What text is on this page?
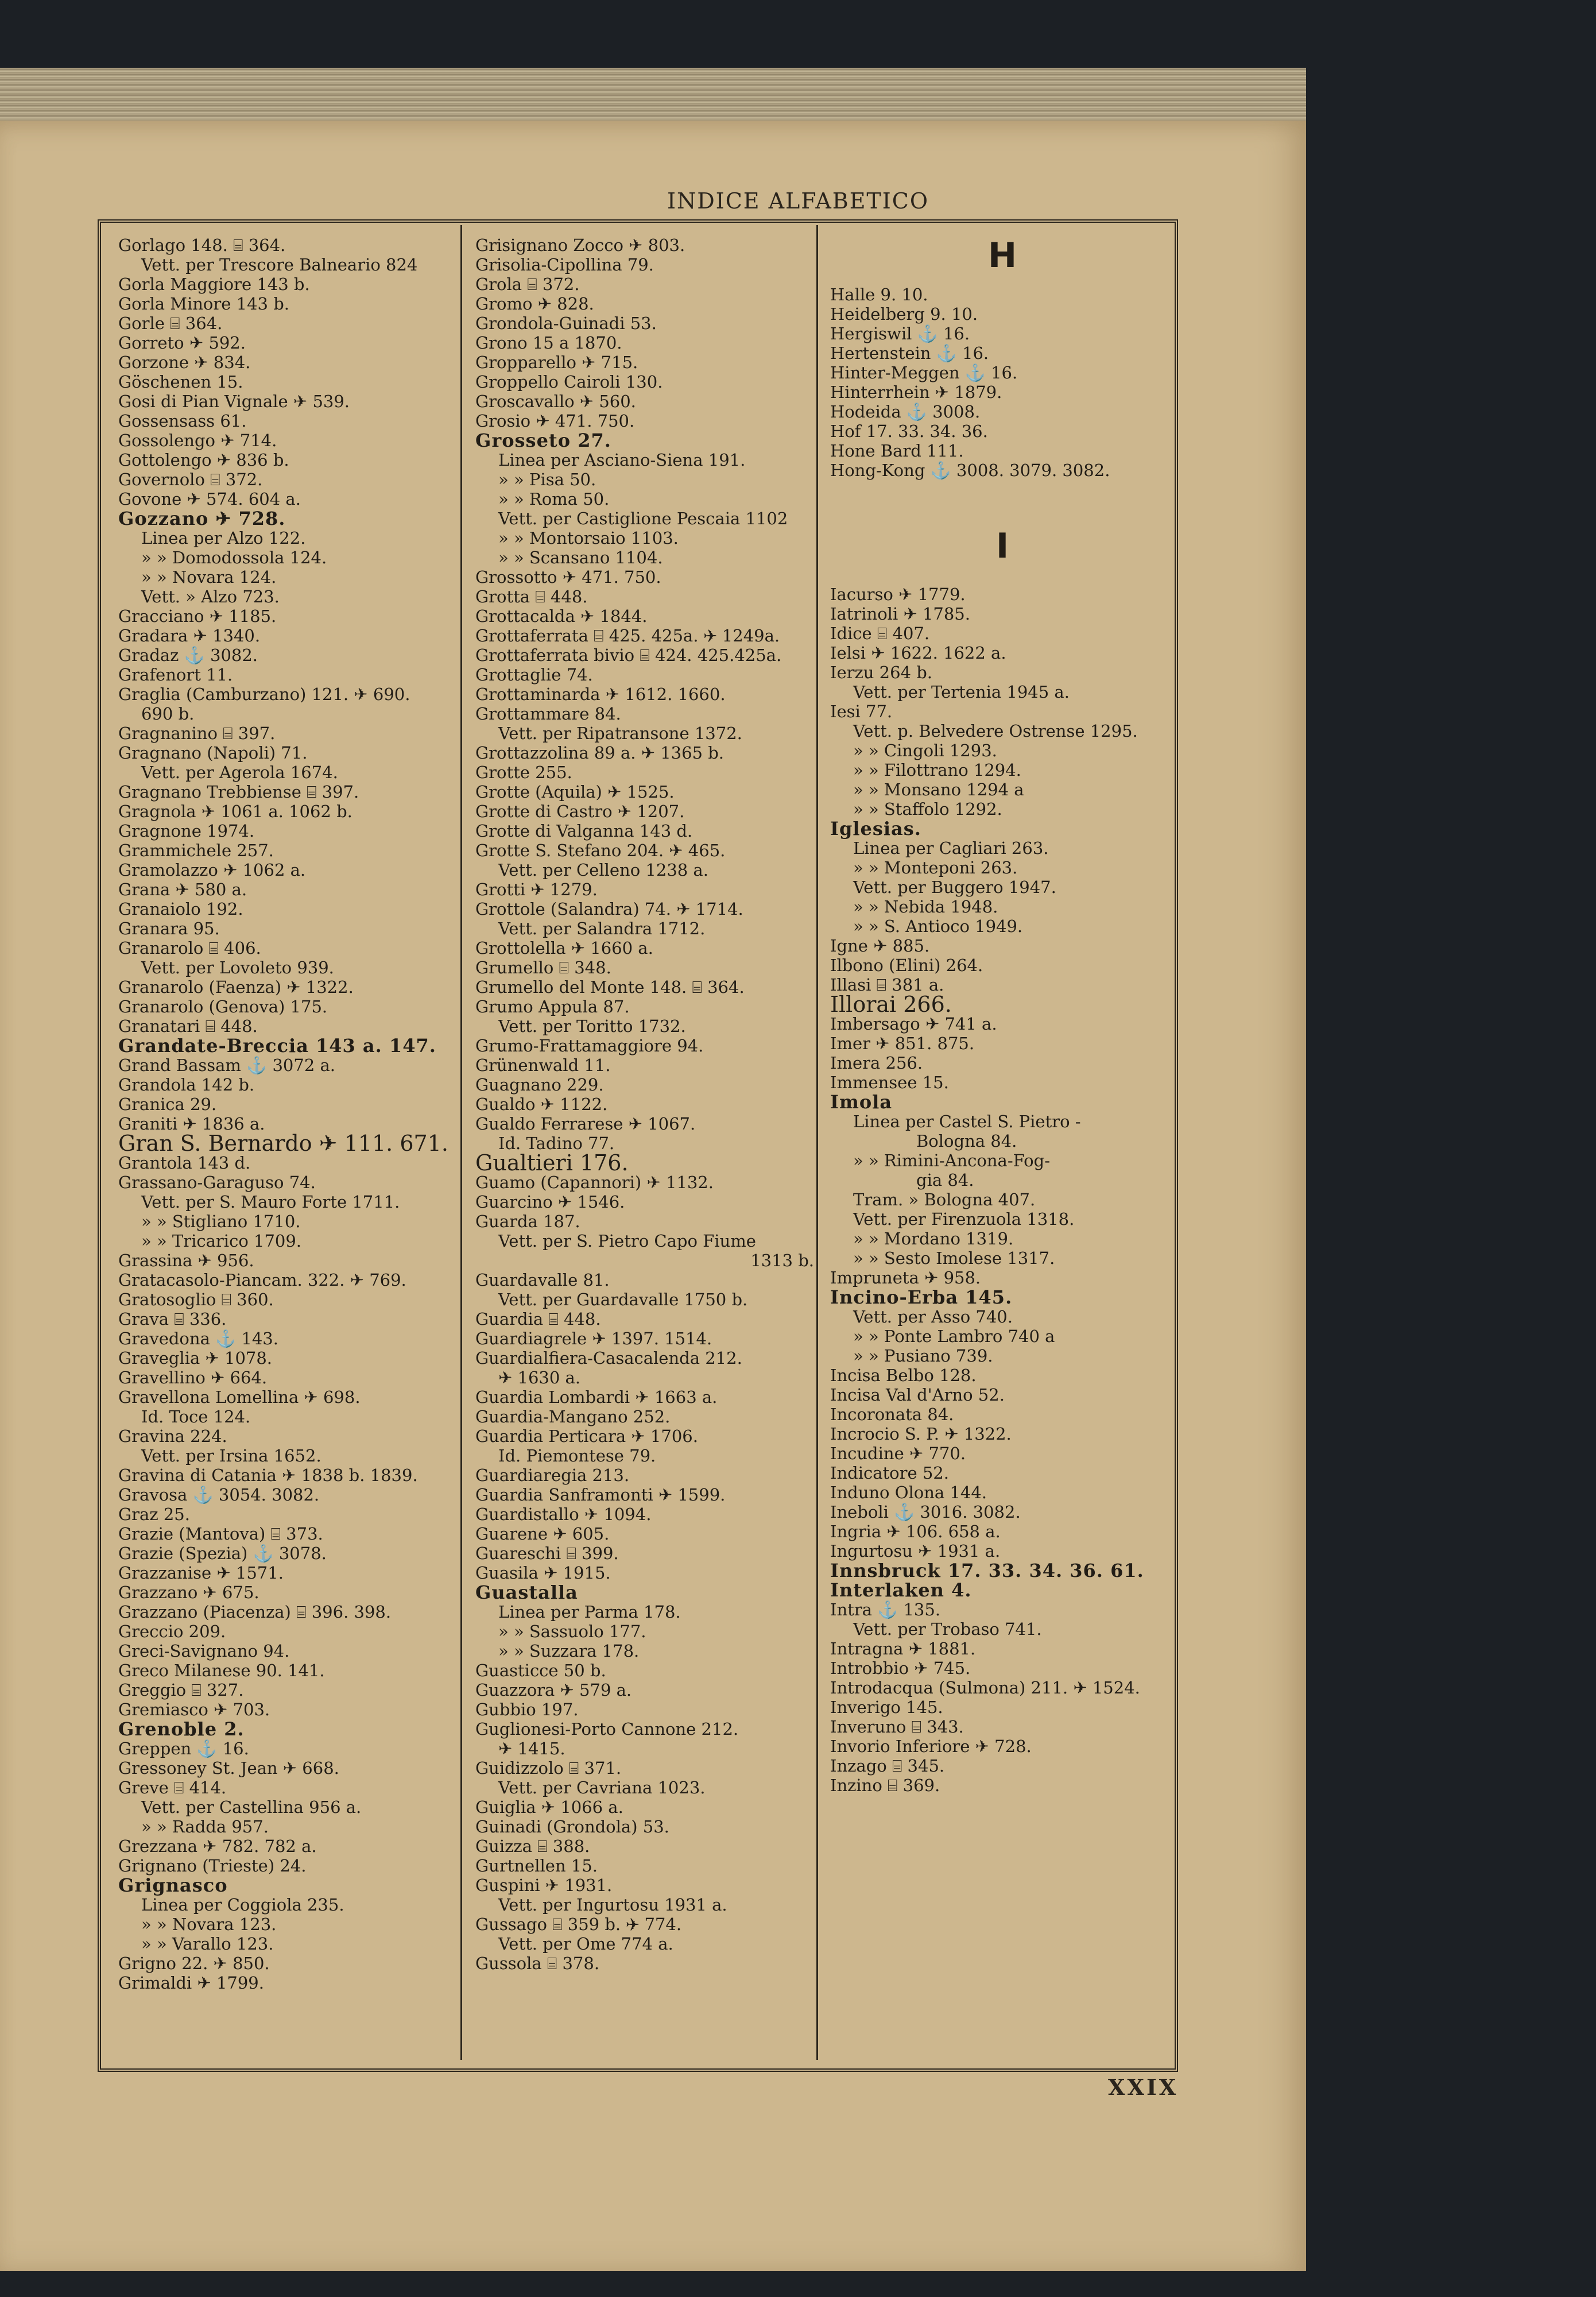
INDICE ALFABETICO
Gorlago 148. ⌸ 364.
Vett. per Trescore Balneario 824
Gorla Maggiore 143 b.
Gorla Minore 143 b.
Gorle ⌸ 364.
Gorreto ✈ 592.
Gorzone ✈ 834.
Göschenen 15.
Gosi di Pian Vignale ✈ 539.
Gossensass 61.
Gossolengo ✈ 714.
Gottolengo ✈ 836 b.
Governolo ⌸ 372.
Govone ✈ 574. 604 a.
Gozzano ✈ 728.
Linea per Alzo 122.
» » Domodossola 124.
» » Novara 124.
Vett. » Alzo 723.
Gracciano ✈ 1185.
Gradara ✈ 1340.
Gradaz ⚓ 3082.
Grafenort 11.
Graglia (Camburzano) 121. ✈ 690.
690 b.
Gragnanino ⌸ 397.
Gragnano (Napoli) 71.
Vett. per Agerola 1674.
Gragnano Trebbiense ⌸ 397.
Gragnola ✈ 1061 a. 1062 b.
Gragnone 1974.
Grammichele 257.
Gramolazzo ✈ 1062 a.
Grana ✈ 580 a.
Granaiolo 192.
Granara 95.
Granarolo ⌸ 406.
Vett. per Lovoleto 939.
Granarolo (Faenza) ✈ 1322.
Granarolo (Genova) 175.
Granatari ⌸ 448.
Grandate-Breccia 143 a. 147.
Grand Bassam ⚓ 3072 a.
Grandola 142 b.
Granica 29.
Graniti ✈ 1836 a.
Gran S. Bernardo ✈ 111. 671.
Grantola 143 d.
Grassano-Garaguso 74.
Vett. per S. Mauro Forte 1711.
» » Stigliano 1710.
» » Tricarico 1709.
Grassina ✈ 956.
Gratacasolo-Piancam. 322. ✈ 769.
Gratosoglio ⌸ 360.
Grava ⌸ 336.
Gravedona ⚓ 143.
Graveglia ✈ 1078.
Gravellino ✈ 664.
Gravellona Lomellina ✈ 698.
Id. Toce 124.
Gravina 224.
Vett. per Irsina 1652.
Gravina di Catania ✈ 1838 b. 1839.
Gravosa ⚓ 3054. 3082.
Graz 25.
Grazie (Mantova) ⌸ 373.
Grazie (Spezia) ⚓ 3078.
Grazzanise ✈ 1571.
Grazzano ✈ 675.
Grazzano (Piacenza) ⌸ 396. 398.
Greccio 209.
Greci-Savignano 94.
Greco Milanese 90. 141.
Greggio ⌸ 327.
Gremiasco ✈ 703.
Grenoble 2.
Greppen ⚓ 16.
Gressoney St. Jean ✈ 668.
Greve ⌸ 414.
Vett. per Castellina 956 a.
» » Radda 957.
Grezzana ✈ 782. 782 a.
Grignano (Trieste) 24.
Grignasco
Linea per Coggiola 235.
» » Novara 123.
» » Varallo 123.
Grigno 22. ✈ 850.
Grimaldi ✈ 1799.
Grisignano Zocco ✈ 803.
Grisolia-Cipollina 79.
Grola ⌸ 372.
Gromo ✈ 828.
Grondola-Guinadi 53.
Grono 15 a 1870.
Gropparello ✈ 715.
Groppello Cairoli 130.
Groscavallo ✈ 560.
Grosio ✈ 471. 750.
Grosseto 27.
Linea per Asciano-Siena 191.
» » Pisa 50.
» » Roma 50.
Vett. per Castiglione Pescaia 1102
» » Montorsaio 1103.
» » Scansano 1104.
Grossotto ✈ 471. 750.
Grotta ⌸ 448.
Grottacalda ✈ 1844.
Grottaferrata ⌸ 425. 425a. ✈ 1249a.
Grottaferrata bivio ⌸ 424. 425.425a.
Grottaglie 74.
Grottaminarda ✈ 1612. 1660.
Grottammare 84.
Vett. per Ripatransone 1372.
Grottazzolina 89 a. ✈ 1365 b.
Grotte 255.
Grotte (Aquila) ✈ 1525.
Grotte di Castro ✈ 1207.
Grotte di Valganna 143 d.
Grotte S. Stefano 204. ✈ 465.
Vett. per Celleno 1238 a.
Grotti ✈ 1279.
Grottole (Salandra) 74. ✈ 1714.
Vett. per Salandra 1712.
Grottolella ✈ 1660 a.
Grumello ⌸ 348.
Grumello del Monte 148. ⌸ 364.
Grumo Appula 87.
Vett. per Toritto 1732.
Grumo-Frattamaggiore 94.
Grünenwald 11.
Guagnano 229.
Gualdo ✈ 1122.
Gualdo Ferrarese ✈ 1067.
Id. Tadino 77.
Gualtieri 176.
Guamo (Capannori) ✈ 1132.
Guarcino ✈ 1546.
Guarda 187.
Vett. per S. Pietro Capo Fiume
1313 b.
Guardavalle 81.
Vett. per Guardavalle 1750 b.
Guardia ⌸ 448.
Guardiagrele ✈ 1397. 1514.
Guardialfiera-Casacalenda 212.
✈ 1630 a.
Guardia Lombardi ✈ 1663 a.
Guardia-Mangano 252.
Guardia Perticara ✈ 1706.
Id. Piemontese 79.
Guardiaregia 213.
Guardia Sanframonti ✈ 1599.
Guardistallo ✈ 1094.
Guarene ✈ 605.
Guareschi ⌸ 399.
Guasila ✈ 1915.
Guastalla
Linea per Parma 178.
» » Sassuolo 177.
» » Suzzara 178.
Guasticce 50 b.
Guazzora ✈ 579 a.
Gubbio 197.
Guglionesi-Porto Cannone 212.
✈ 1415.
Guidizzolo ⌸ 371.
Vett. per Cavriana 1023.
Guiglia ✈ 1066 a.
Guinadi (Grondola) 53.
Guizza ⌸ 388.
Gurtnellen 15.
Guspini ✈ 1931.
Vett. per Ingurtosu 1931 a.
Gussago ⌸ 359 b. ✈ 774.
Vett. per Ome 774 a.
Gussola ⌸ 378.
H
Halle 9. 10.
Heidelberg 9. 10.
Hergiswil ⚓ 16.
Hertenstein ⚓ 16.
Hinter-Meggen ⚓ 16.
Hinterrhein ✈ 1879.
Hodeida ⚓ 3008.
Hof 17. 33. 34. 36.
Hone Bard 111.
Hong-Kong ⚓ 3008. 3079. 3082.
I
Iacurso ✈ 1779.
Iatrinoli ✈ 1785.
Idice ⌸ 407.
Ielsi ✈ 1622. 1622 a.
Ierzu 264 b.
Vett. per Tertenia 1945 a.
Iesi 77.
Vett. p. Belvedere Ostrense 1295.
» » Cingoli 1293.
» » Filottrano 1294.
» » Monsano 1294 a
» » Staffolo 1292.
Iglesias.
Linea per Cagliari 263.
» » Monteponi 263.
Vett. per Buggero 1947.
» » Nebida 1948.
» » S. Antioco 1949.
Igne ✈ 885.
Ilbono (Elini) 264.
Illasi ⌸ 381 a.
Illorai 266.
Imbersago ✈ 741 a.
Imer ✈ 851. 875.
Imera 256.
Immensee 15.
Imola
Linea per Castel S. Pietro -
Bologna 84.
» » Rimini-Ancona-Fog-
gia 84.
Tram. » Bologna 407.
Vett. per Firenzuola 1318.
» » Mordano 1319.
» » Sesto Imolese 1317.
Impruneta ✈ 958.
Incino-Erba 145.
Vett. per Asso 740.
» » Ponte Lambro 740 a
» » Pusiano 739.
Incisa Belbo 128.
Incisa Val d'Arno 52.
Incoronata 84.
Incrocio S. P. ✈ 1322.
Incudine ✈ 770.
Indicatore 52.
Induno Olona 144.
Ineboli ⚓ 3016. 3082.
Ingria ✈ 106. 658 a.
Ingurtosu ✈ 1931 a.
Innsbruck 17. 33. 34. 36. 61.
Interlaken 4.
Intra ⚓ 135.
Vett. per Trobaso 741.
Intragna ✈ 1881.
Introbbio ✈ 745.
Introdacqua (Sulmona) 211. ✈ 1524.
Inverigo 145.
Inveruno ⌸ 343.
Invorio Inferiore ✈ 728.
Inzago ⌸ 345.
Inzino ⌸ 369.
XXIX
